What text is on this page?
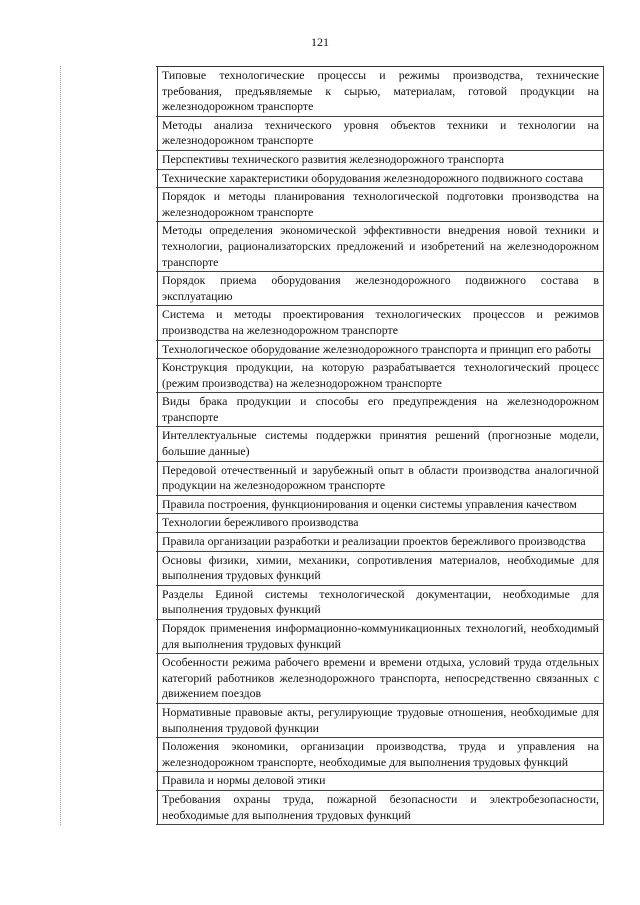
121
Типовые технологические процессы и режимы производства, технические требования, предъявляемые к сырью, материалам, готовой продукции на железнодорожном транспорте
Методы анализа технического уровня объектов техники и технологии на железнодорожном транспорте
Перспективы технического развития железнодорожного транспорта
Технические характеристики оборудования железнодорожного подвижного состава
Порядок и методы планирования технологической подготовки производства на железнодорожном транспорте
Методы определения экономической эффективности внедрения новой техники и технологии, рационализаторских предложений и изобретений на железнодорожном транспорте
Порядок приема оборудования железнодорожного подвижного состава в эксплуатацию
Система и методы проектирования технологических процессов и режимов производства на железнодорожном транспорте
Технологическое оборудование железнодорожного транспорта и принцип его работы
Конструкция продукции, на которую разрабатывается технологический процесс (режим производства) на железнодорожном транспорте
Виды брака продукции и способы его предупреждения на железнодорожном транспорте
Интеллектуальные системы поддержки принятия решений (прогнозные модели, большие данные)
Передовой отечественный и зарубежный опыт в области производства аналогичной продукции на железнодорожном транспорте
Правила построения, функционирования и оценки системы управления качеством
Технологии бережливого производства
Правила организации разработки и реализации проектов бережливого производства
Основы физики, химии, механики, сопротивления материалов, необходимые для выполнения трудовых функций
Разделы Единой системы технологической документации, необходимые для выполнения трудовых функций
Порядок применения информационно-коммуникационных технологий, необходимый для выполнения трудовых функций
Особенности режима рабочего времени и времени отдыха, условий труда отдельных категорий работников железнодорожного транспорта, непосредственно связанных с движением поездов
Нормативные правовые акты, регулирующие трудовые отношения, необходимые для выполнения трудовой функции
Положения экономики, организации производства, труда и управления на железнодорожном транспорте, необходимые для выполнения трудовых функций
Правила и нормы деловой этики
Требования охраны труда, пожарной безопасности и электробезопасности, необходимые для выполнения трудовых функций
